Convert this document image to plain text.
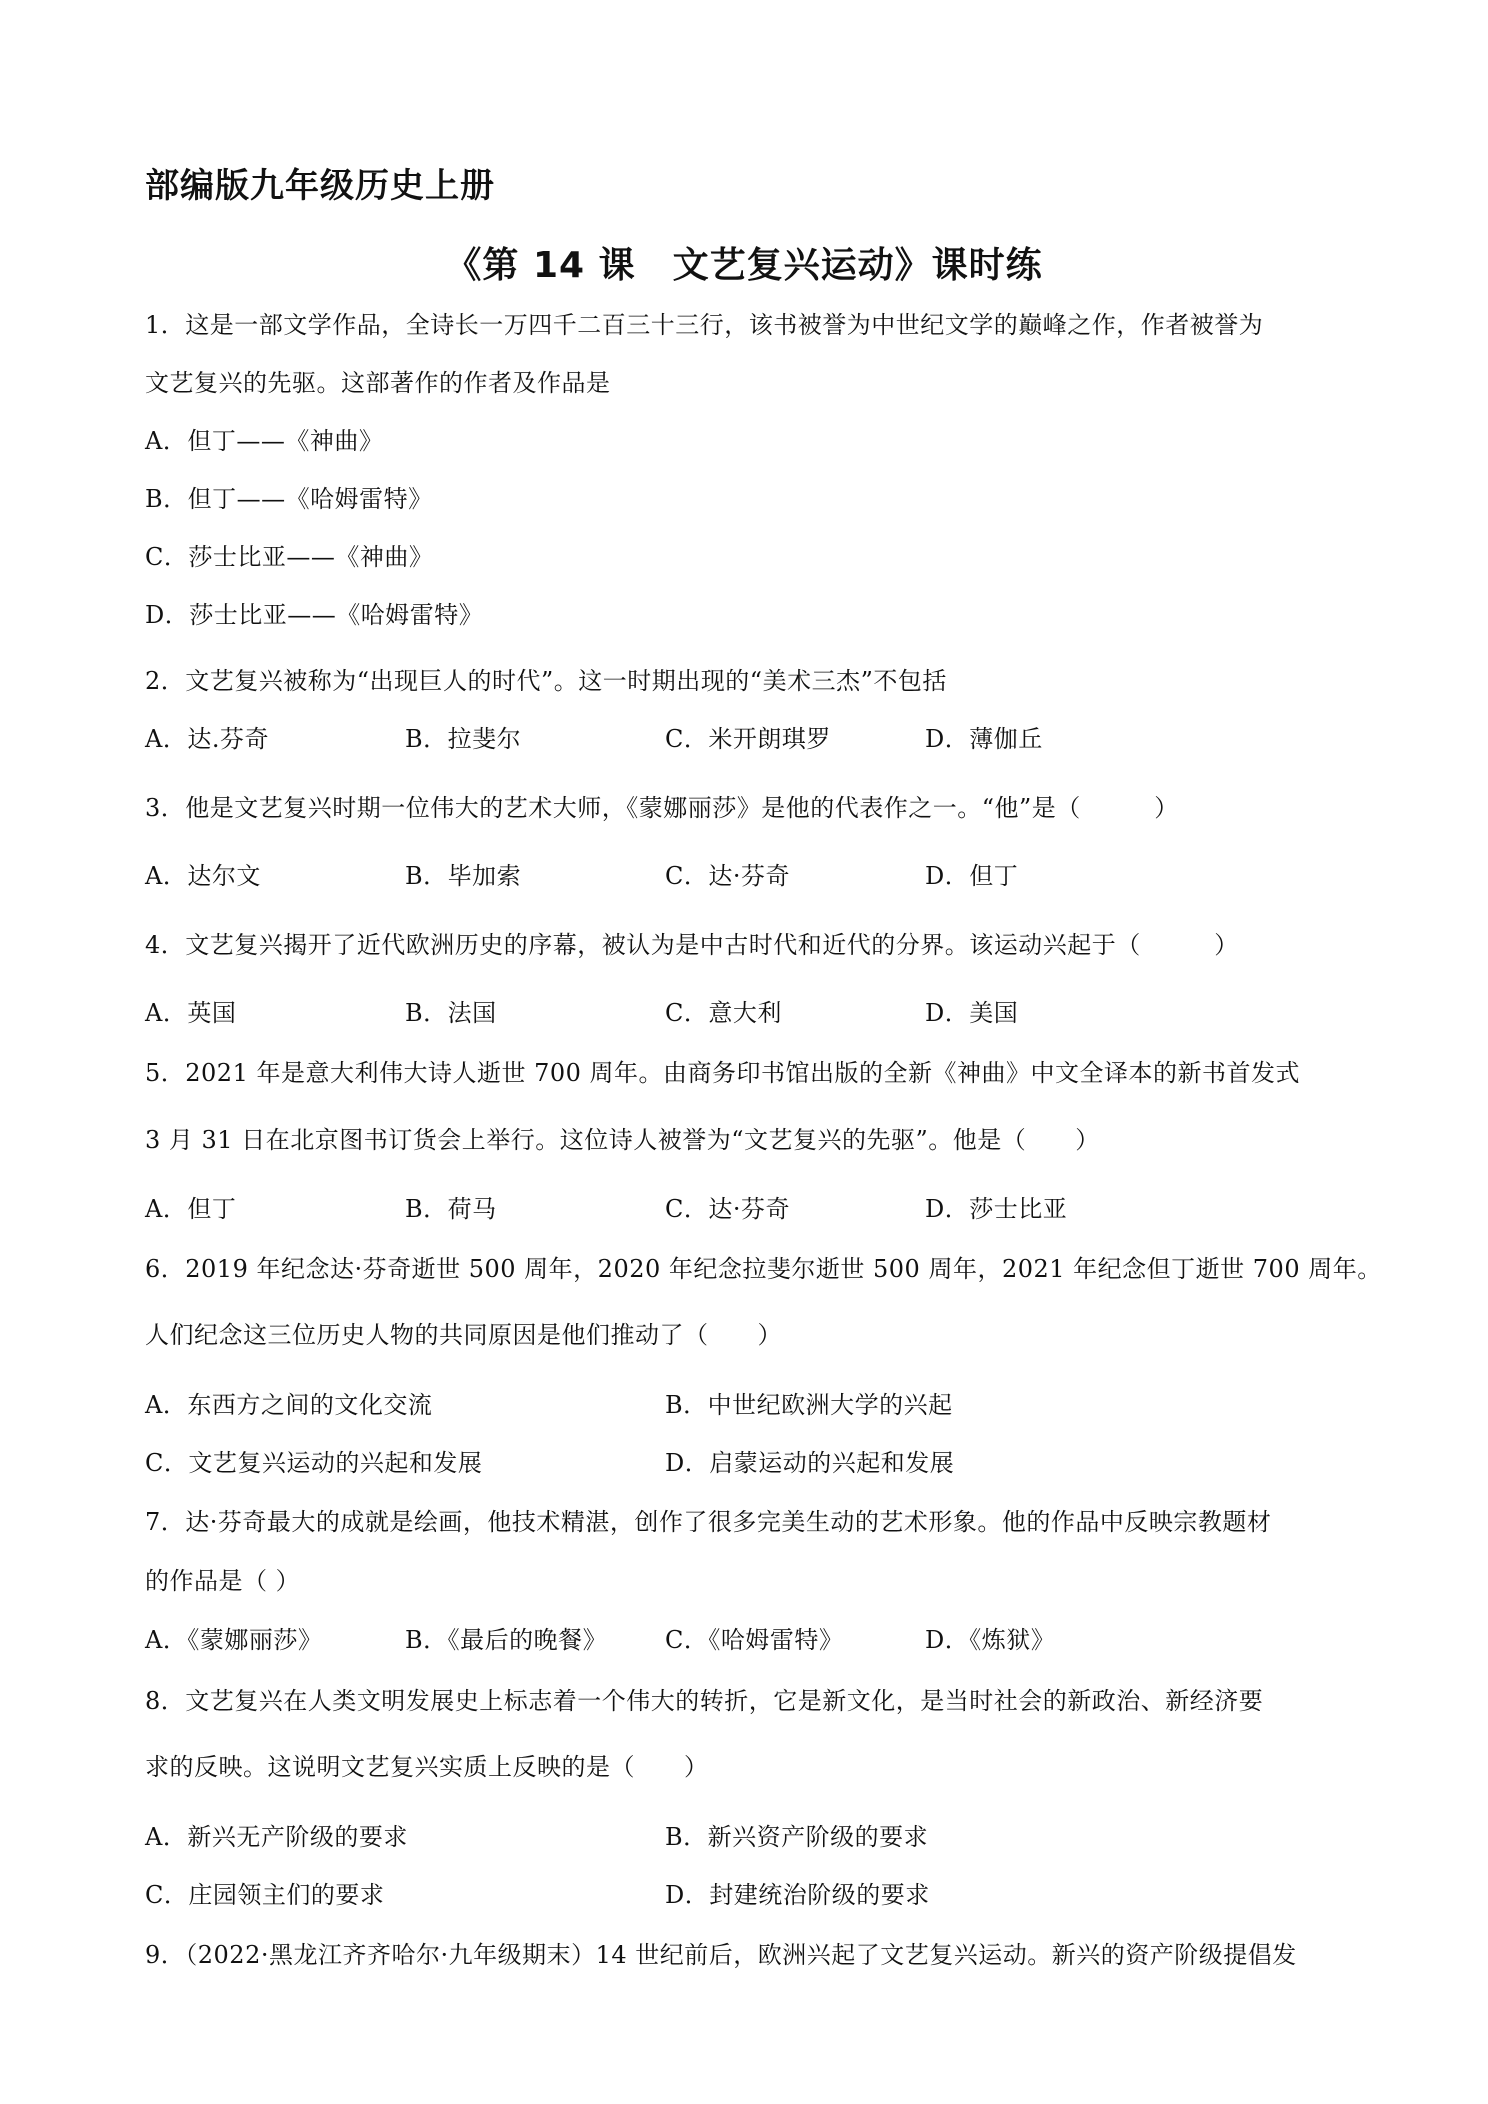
部编版九年级历史上册
《第 14 课　文艺复兴运动》课时练
1．这是一部文学作品，全诗长一万四千二百三十三行，该书被誉为中世纪文学的巅峰之作，作者被誉为
文艺复兴的先驱。这部著作的作者及作品是
A．但丁——《神曲》
B．但丁——《哈姆雷特》
C．莎士比亚——《神曲》
D．莎士比亚——《哈姆雷特》
2．文艺复兴被称为“出现巨人的时代”。这一时期出现的“美术三杰”不包括
A．达.芬奇	B．拉斐尔	C．米开朗琪罗	D．薄伽丘
3．他是文艺复兴时期一位伟大的艺术大师，《蒙娜丽莎》是他的代表作之一。“他”是（　　　）
A．达尔文	B．毕加索	C．达·芬奇	D．但丁
4．文艺复兴揭开了近代欧洲历史的序幕，被认为是中古时代和近代的分界。该运动兴起于（　　　）
A．英国	B．法国	C．意大利	D．美国
5．2021 年是意大利伟大诗人逝世 700 周年。由商务印书馆出版的全新《神曲》中文全译本的新书首发式
3 月 31 日在北京图书订货会上举行。这位诗人被誉为“文艺复兴的先驱”。他是（　　）
A．但丁	B．荷马	C．达·芬奇	D．莎士比亚
6．2019 年纪念达·芬奇逝世 500 周年，2020 年纪念拉斐尔逝世 500 周年，2021 年纪念但丁逝世 700 周年。
人们纪念这三位历史人物的共同原因是他们推动了（　　）
A．东西方之间的文化交流	B．中世纪欧洲大学的兴起
C．文艺复兴运动的兴起和发展	D．启蒙运动的兴起和发展
7．达·芬奇最大的成就是绘画，他技术精湛，创作了很多完美生动的艺术形象。他的作品中反映宗教题材
的作品是（ ）
A．《蒙娜丽莎》	B．《最后的晚餐》 C．《哈姆雷特》	D．《炼狱》
8．文艺复兴在人类文明发展史上标志着一个伟大的转折，它是新文化，是当时社会的新政治、新经济要
求的反映。这说明文艺复兴实质上反映的是（　　）
A．新兴无产阶级的要求	B．新兴资产阶级的要求
C．庄园领主们的要求	D．封建统治阶级的要求
9．（2022·黑龙江齐齐哈尔·九年级期末）14 世纪前后，欧洲兴起了文艺复兴运动。新兴的资产阶级提倡发
